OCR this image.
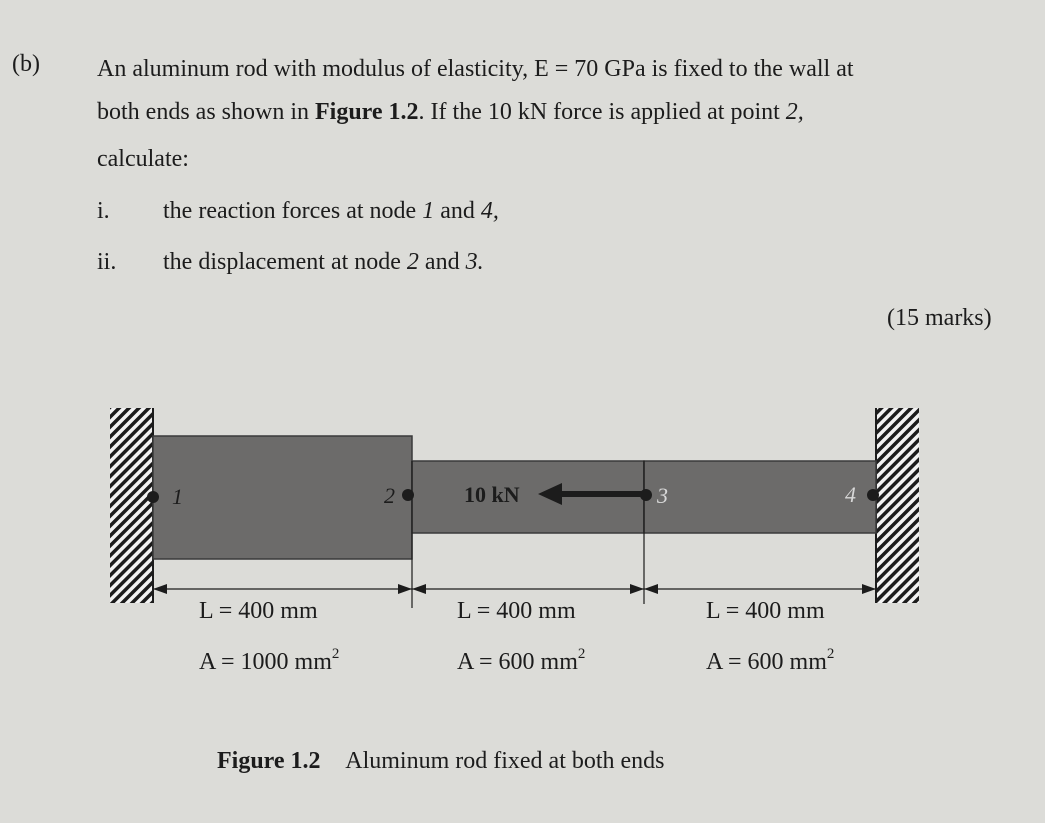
(b) An aluminum rod with modulus of elasticity, E = 70 GPa is fixed to the wall at
both ends as shown in Figure 1.2. If the 10 kN force is applied at point 2,
calculate:
i. the reaction forces at node 1 and 4,
ii. the displacement at node 2 and 3.
(15 marks)
1	2	3	4
10 kN
L = 400 mm	L = 400 mm	L = 400 mm
A = 1000 $mm^2$	A = 600 $mm^2$	A = 600 $mm^2$
Figure 1.2 Aluminum rod fixed at both ends
